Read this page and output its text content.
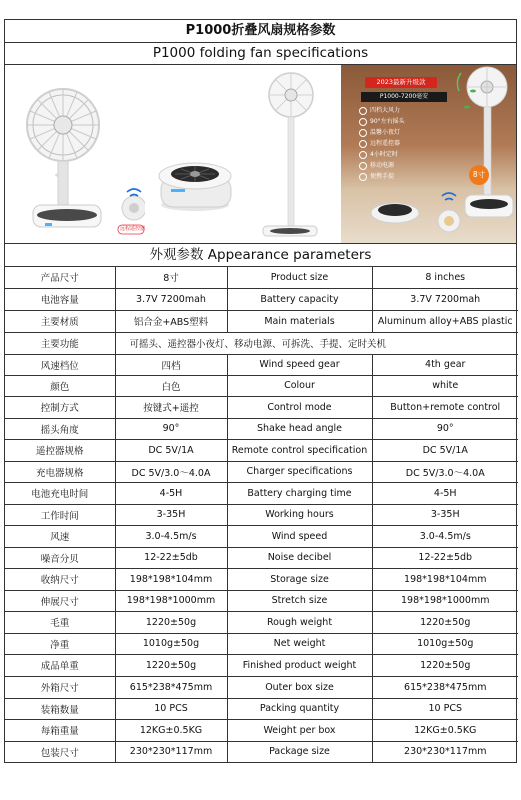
P1000折叠风扇规格参数
P1000 folding fan specifications
远程遥控器
2023最新升级款
P1000-7200毫安
四档大风力
90°左右摇头
温馨小夜灯
远程遥控器
4小时定时
移动电源
便携手提	8寸
外观参数 Appearance parameters
产品尺寸	8寸	Product size	8 inches
电池容量	3.7V 7200mah	Battery capacity	3.7V 7200mah
主要材质	铝合金+ABS塑料	Main materials	Aluminum alloy+ABS plastic
主要功能	可摇头、遥控器小夜灯、移动电源、可拆洗、手提、定时关机		
风速档位	四档	Wind speed gear	4th gear
颜色	白色	Colour	white
控制方式	按键式+遥控	Control mode	Button+remote control
摇头角度	90°	Shake head angle	90°
遥控器规格	DC 5V/1A	Remote control specification	DC 5V/1A
充电器规格	DC 5V/3.0～4.0A	Charger specifications	DC 5V/3.0～4.0A
电池充电时间	4-5H	Battery charging time	4-5H
工作时间	3-35H	Working hours	3-35H
风速	3.0-4.5m/s	Wind speed	3.0-4.5m/s
噪音分贝	12-22±5db	Noise decibel	12-22±5db
收纳尺寸	198*198*104mm	Storage size	198*198*104mm
伸展尺寸	198*198*1000mm	Stretch size	198*198*1000mm
毛重	1220±50g	Rough weight	1220±50g
净重	1010g±50g	Net weight	1010g±50g
成品单重	1220±50g	Finished product weight	1220±50g
外箱尺寸	615*238*475mm	Outer box size	615*238*475mm
装箱数量	10 PCS	Packing quantity	10 PCS
每箱重量	12KG±0.5KG	Weight per box	12KG±0.5KG
包装尺寸	230*230*117mm	Package size	230*230*117mm
